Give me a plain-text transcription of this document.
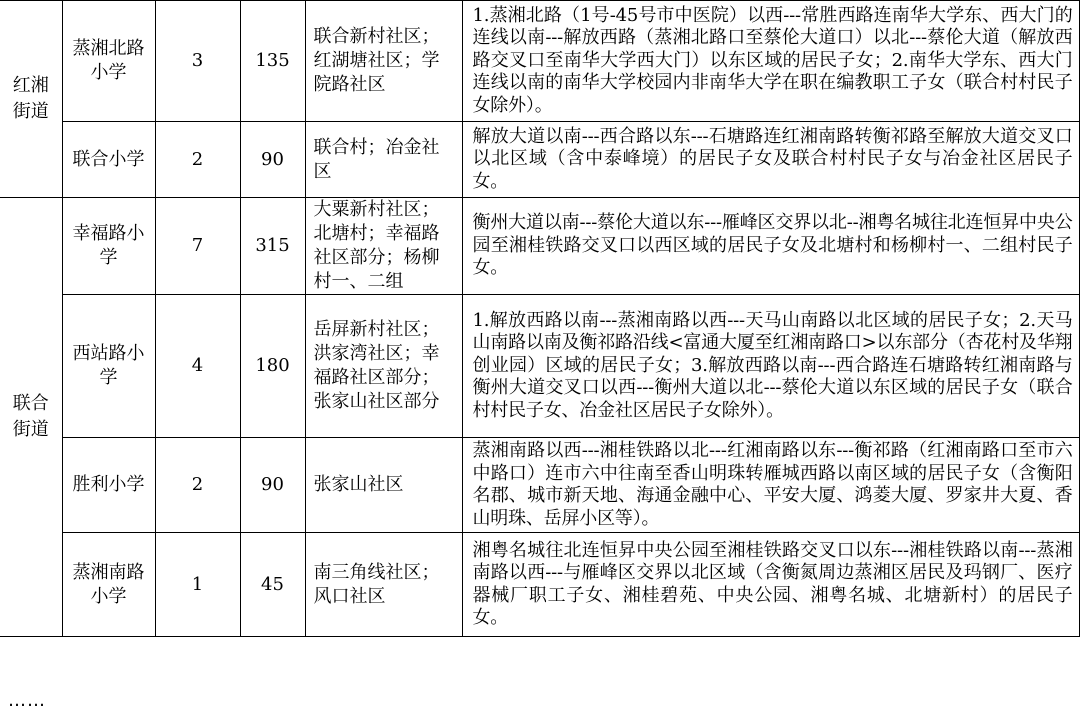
红湘街道	蒸湘北路小学	3	135	联合新村社区；红湖塘社区；学院路社区	1.蒸湘北路（1号-45号市中医院）以西---常胜西路连南华大学东、西大门的连线以南---解放西路（蒸湘北路口至蔡伦大道口）以北---蔡伦大道（解放西路交叉口至南华大学西大门）以东区域的居民子女；2.南华大学东、西大门连线以南的南华大学校园内非南华大学在职在编教职工子女（联合村村民子女除外）。
	联合小学	2	90	联合村；冶金社区	解放大道以南---西合路以东---石塘路连红湘南路转衡祁路至解放大道交叉口以北区域（含中泰峰境）的居民子女及联合村村民子女与冶金社区居民子女。
联合街道	幸福路小学	7	315	大粟新村社区；北塘村；幸福路社区部分；杨柳村一、二组	衡州大道以南---蔡伦大道以东---雁峰区交界以北--湘粤名城往北连恒昇中央公园至湘桂铁路交叉口以西区域的居民子女及北塘村和杨柳村一、二组村民子女。
	西站路小学	4	180	岳屏新村社区；洪家湾社区；幸福路社区部分；张家山社区部分	1.解放西路以南---蒸湘南路以西---天马山南路以北区域的居民子女；2.天马山南路以南及衡祁路沿线<富通大厦至红湘南路口>以东部分（杏花村及华翔创业园）区域的居民子女；3.解放西路以南---西合路连石塘路转红湘南路与衡州大道交叉口以西---衡州大道以北---蔡伦大道以东区域的居民子女（联合村村民子女、冶金社区居民子女除外）。
	胜利小学	2	90	张家山社区	蒸湘南路以西---湘桂铁路以北---红湘南路以东---衡祁路（红湘南路口至市六中路口）连市六中往南至香山明珠转雁城西路以南区域的居民子女（含衡阳名郡、城市新天地、海通金融中心、平安大厦、鸿菱大厦、罗家井大夏、香山明珠、岳屏小区等）。
	蒸湘南路小学	1	45	南三角线社区；风口社区	湘粤名城往北连恒昇中央公园至湘桂铁路交叉口以东---湘桂铁路以南---蒸湘南路以西---与雁峰区交界以北区域（含衡氮周边蒸湘区居民及玛钢厂、医疗器械厂职工子女、湘桂碧苑、中央公园、湘粤名城、北塘新村）的居民子女。
……
